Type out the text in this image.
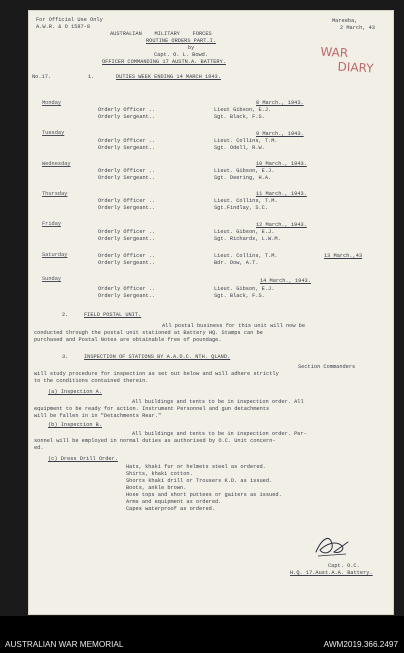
For Official Use Only
A.W.R. & O 1587-8
Mareeba,
2 March, 43
AUSTRALIAN    MILITARY    FORCES
ROUTINE ORDERS PART.I.
by
Capt. O. L. Bowd.
OFFICER COMMANDING 17 AUSTN.A. BATTERY.
WAR
DIARY
No.17.	1.	DUTIES WEEK ENDING 14 MARCH 1943.
Monday	8 March., 1943.
Orderly Officer ..	Lieut Gibson, E.J.
Orderly Sergeant..	Sgt. Black, F.S.
Tuesday	9 March., 1943.
Orderly Officer ..	Lieut. Collins, T.M.
Orderly Sergeant..	Sgt. Odell, R.W.
Wednesday	10 March., 1943.
Orderly Officer ..	Lieut. Gibson, E.J.
Orderly Sergeant..	Sgt. Deering, H.A.
Thursday	11 March., 1943.
Orderly Officer ..	Lieut. Collins, T.M.
Orderly Sergeant..	Sgt.Findlay, S.C.
Friday	12 March., 1943.
Orderly Officer ..	Lieut. Gibson, E.J.
Orderly Sergeant..	Sgt. Richards, L.W.M.
Saturday	Orderly Officer ..	Lieut. Collins, T.M.	13 March.,43
Orderly Sergeant..	Bdr. Dow, A.T.
Sunday	14 March., 1943.
Orderly Officer ..	Lieut. Gibson, E.J.
Orderly Sergeant..	Sgt. Black, F.S.
2.	FIELD POSTAL UNIT.
All postal business for this unit will now be
conducted through the postal unit stationed at Battery HQ. Stamps can be
purchased and Postal Notes are obtainable free of poundage.
3.	INSPECTION OF STATIONS BY A.A.D.C. NTH. QLAND.
Section Commanders
will study procedure for inspection as set out below and will adhere strictly
to the conditions contained therein.
(a) Inspection A.
All buildings and tents to be in inspection order. All
equipment to be ready for action. Instrument Personnel and gun detachments
will be fallen in in "Detachments Rear."
(b) Inspection B.
All buildings and tents to be in inspection order. Per-
sonnel will be employed in normal duties as authorised by O.C. Unit concern-
ed.
(c) Dress Drill Order.
Hats, khaki fur or helmets steel as ordered.
Shirts, khaki cotton.
Shorts khaki drill or Trousers K.D. as issued.
Boots, ankle brown.
Hose tops and short puttees or gaiters as issued.
Arms and equipment as ordered.
Capes waterproof as ordered.
Capt. O.C.
H.Q. 17.Aust.A.A. Battery.
AUSTRALIAN WAR MEMORIAL	AWM2019.366.2497
